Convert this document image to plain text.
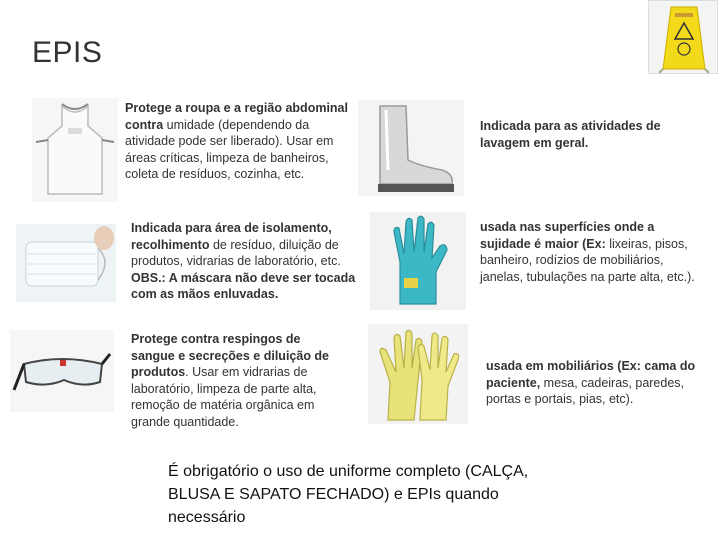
EPIS
Protege a roupa e a região abdominal contra umidade (dependendo da atividade pode ser liberado). Usar em áreas críticas, limpeza de banheiros, coleta de resíduos, cozinha, etc.
Indicada para as atividades de lavagem em geral.
Indicada para área de isolamento, recolhimento de resíduo, diluição de produtos, vidrarias de laboratório, etc. OBS.: A máscara não deve ser tocada com as mãos enluvadas.
usada nas superfícies onde a sujidade é maior (Ex: lixeiras, pisos, banheiro, rodízios de mobiliários, janelas, tubulações na parte alta, etc.).
Protege contra respingos de sangue e secreções e diluição de produtos. Usar em vidrarias de laboratório, limpeza de parte alta, remoção de matéria orgânica em grande quantidade.
usada em mobiliários (Ex: cama do paciente, mesa, cadeiras, paredes, portas e portais, pias, etc).
É obrigatório o uso de uniforme completo (CALÇA, BLUSA E SAPATO FECHADO) e EPIs quando necessário
